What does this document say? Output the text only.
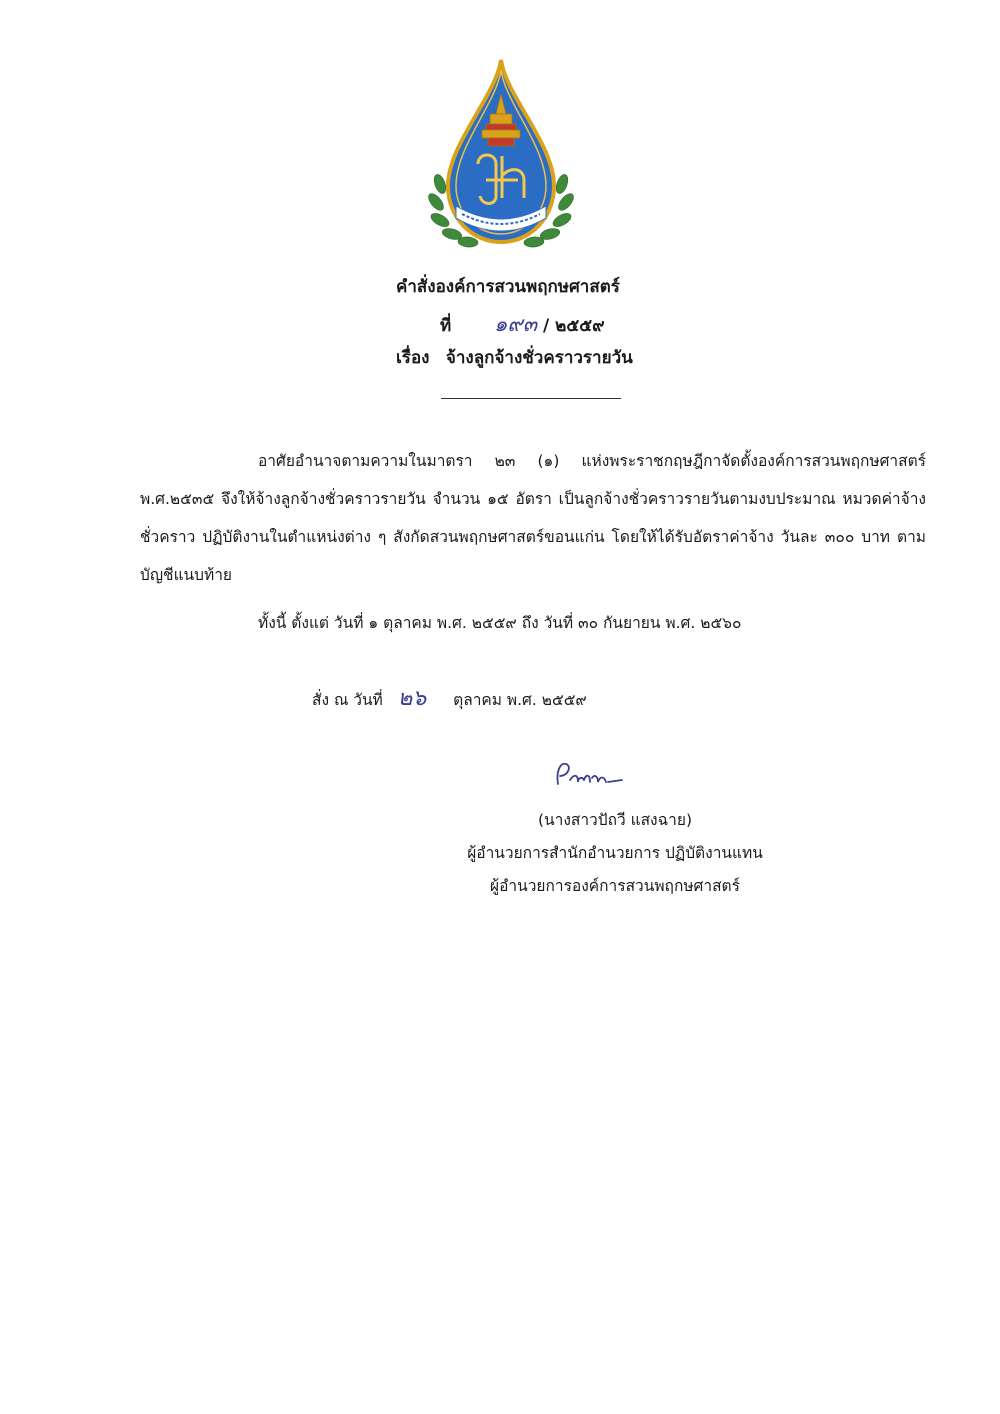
คำสั่งองค์การสวนพฤกษศาสตร์
ที่ ๑๙๓ / ๒๕๕๙
เรื่อง จ้างลูกจ้างชั่วคราวรายวัน
อาศัยอำนาจตามความในมาตรา ๒๓ (๑) แห่งพระราชกฤษฎีกาจัดตั้งองค์การสวนพฤกษศาสตร์ พ.ศ.๒๕๓๕ จึงให้จ้างลูกจ้างชั่วคราวรายวัน จำนวน ๑๕ อัตรา เป็นลูกจ้างชั่วคราวรายวันตามงบประมาณ หมวดค่าจ้างชั่วคราว ปฏิบัติงานในตำแหน่งต่าง ๆ สังกัดสวนพฤกษศาสตร์ขอนแก่น โดยให้ได้รับอัตราค่าจ้าง วันละ ๓๐๐ บาท ตามบัญชีแนบท้าย
ทั้งนี้ ตั้งแต่ วันที่ ๑ ตุลาคม พ.ศ. ๒๕๕๙ ถึง วันที่ ๓๐ กันยายน พ.ศ. ๒๕๖๐
สั่ง ณ วันที่ ๒๖ ตุลาคม พ.ศ. ๒๕๕๙
(นางสาวปัถวี แสงฉาย)
ผู้อำนวยการสำนักอำนวยการ ปฏิบัติงานแทน
ผู้อำนวยการองค์การสวนพฤกษศาสตร์
